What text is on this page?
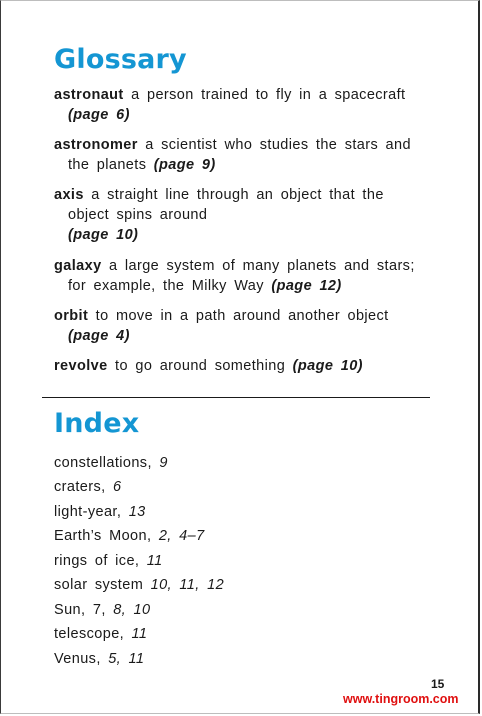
Glossary

astronaut a person trained to fly in a spacecraft (page 6)

astronomer a scientist who studies the stars and the planets (page 9)

axis a straight line through an object that the object spins around
(page 10)

galaxy a large system of many planets and stars; for example, the Milky Way (page 12)

orbit to move in a path around another object (page 4)

revolve to go around something (page 10)

Index

constellations, 9

craters, 6

light-year, 13

Earth’s Moon, 2, 4–7

rings of ice, 11

solar system 10, 11, 12

Sun, 7, 8, 10

telescope, 11

Venus, 5, 11

15
www.tingroom.com
